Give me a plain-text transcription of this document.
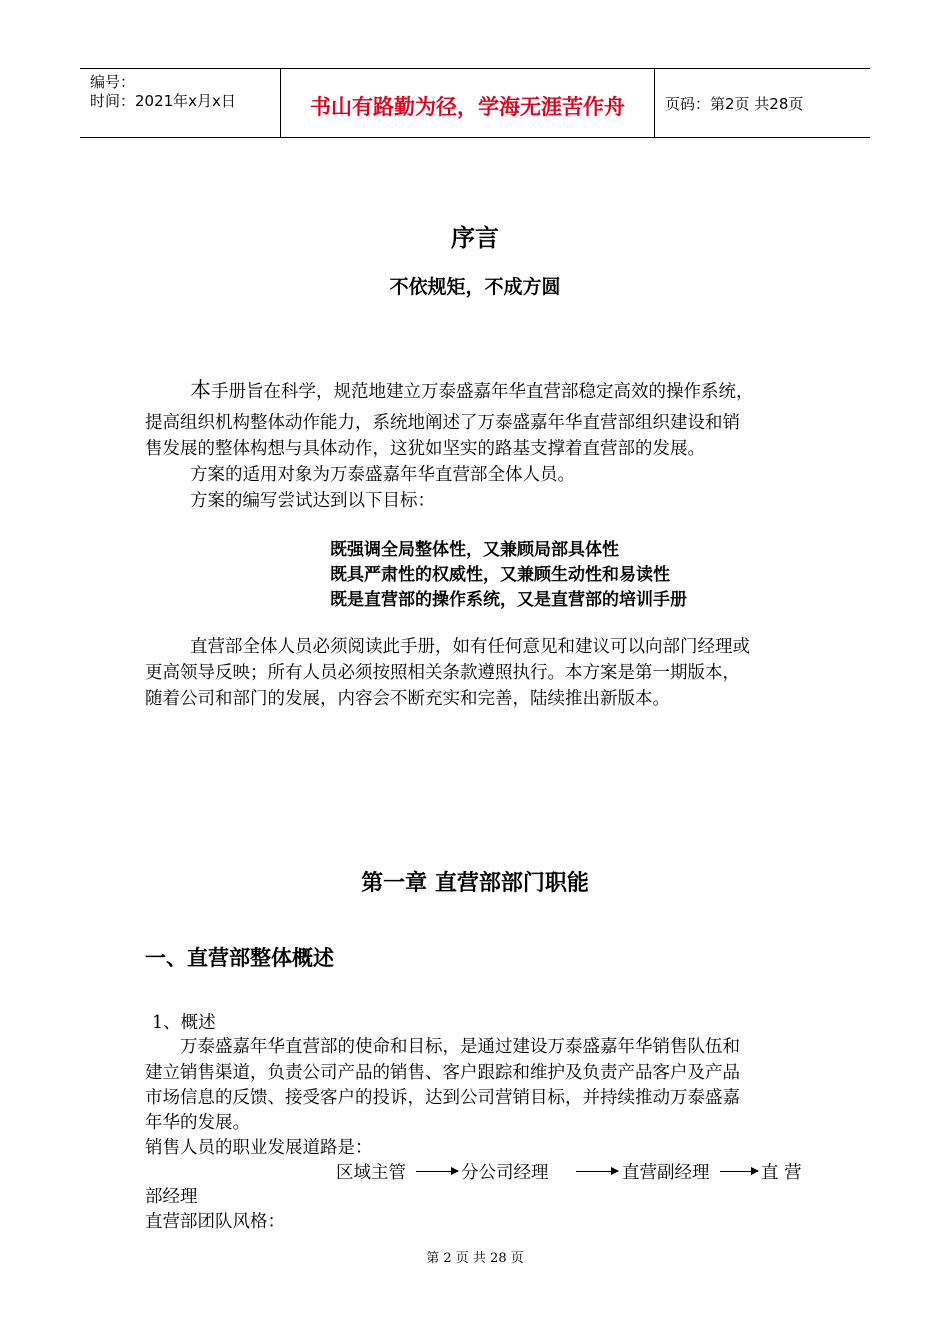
编号：
时间：2021年x月x日	书山有路勤为径，学海无涯苦作舟	页码：第2页 共28页
序言
不依规矩，不成方圆
本手册旨在科学，规范地建立万泰盛嘉年华直营部稳定高效的操作系统，
提高组织机构整体动作能力，系统地阐述了万泰盛嘉年华直营部组织建设和销
售发展的整体构想与具体动作，这犹如坚实的路基支撑着直营部的发展。
方案的适用对象为万泰盛嘉年华直营部全体人员。
方案的编写尝试达到以下目标：
既强调全局整体性，又兼顾局部具体性
既具严肃性的权威性，又兼顾生动性和易读性
既是直营部的操作系统，又是直营部的培训手册
直营部全体人员必须阅读此手册，如有任何意见和建议可以向部门经理或
更高领导反映；所有人员必须按照相关条款遵照执行。本方案是第一期版本，
随着公司和部门的发展，内容会不断充实和完善，陆续推出新版本。
第一章 直营部部门职能
一、直营部整体概述
1、概述
万泰盛嘉年华直营部的使命和目标，是通过建设万泰盛嘉年华销售队伍和
建立销售渠道，负责公司产品的销售、客户跟踪和维护及负责产品客户及产品
市场信息的反馈、接受客户的投诉，达到公司营销目标，并持续推动万泰盛嘉
年华的发展。
销售人员的职业发展道路是：
区域主管	分公司经理	直营副经理	直 营
部经理
直营部团队风格：
第 2 页 共 28 页
